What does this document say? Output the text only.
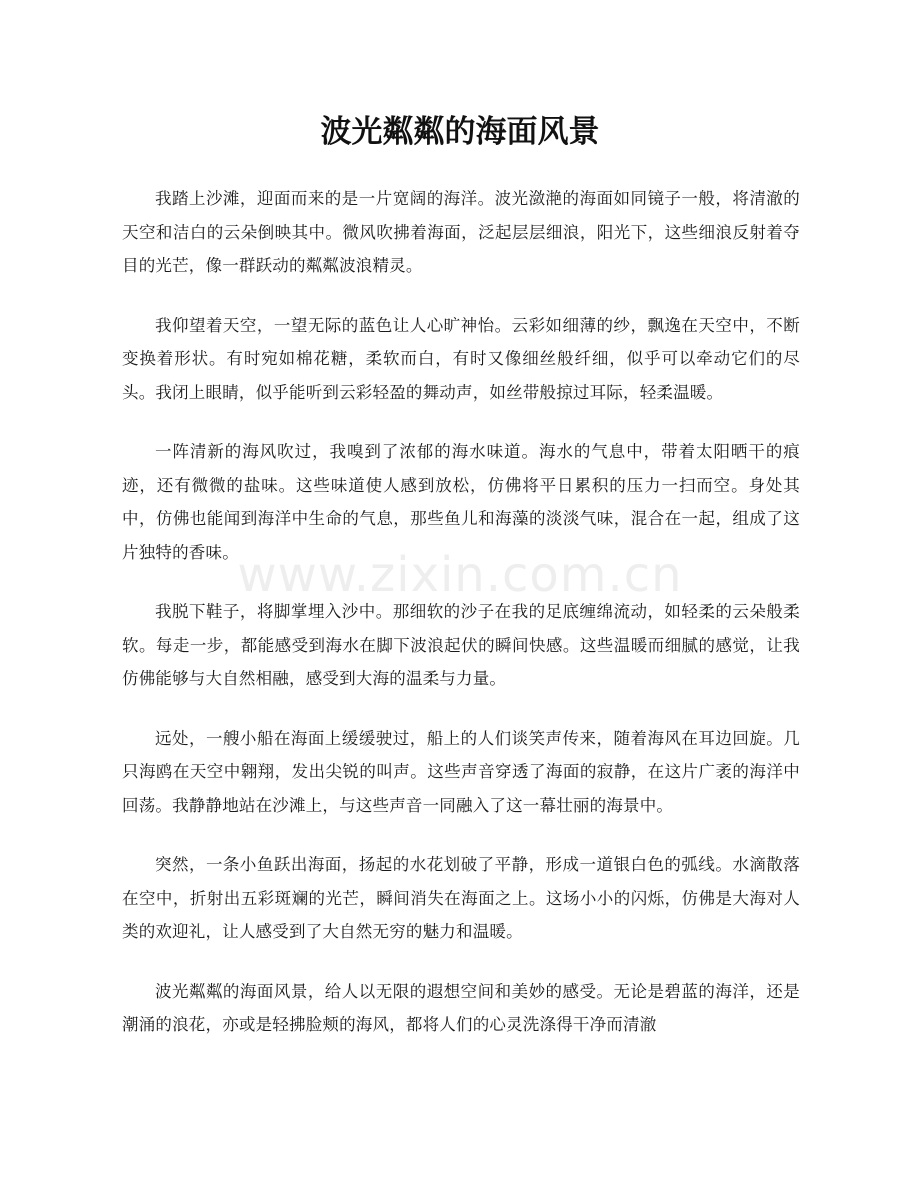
波光粼粼的海面风景

我踏上沙滩，迎面而来的是一片宽阔的海洋。波光潋滟的海面如同镜子一般，将清澈的天空和洁白的云朵倒映其中。微风吹拂着海面，泛起层层细浪，阳光下，这些细浪反射着夺目的光芒，像一群跃动的粼粼波浪精灵。

我仰望着天空，一望无际的蓝色让人心旷神怡。云彩如细薄的纱，飘逸在天空中，不断变换着形状。有时宛如棉花糖，柔软而白，有时又像细丝般纤细，似乎可以牵动它们的尽头。我闭上眼睛，似乎能听到云彩轻盈的舞动声，如丝带般掠过耳际，轻柔温暖。

一阵清新的海风吹过，我嗅到了浓郁的海水味道。海水的气息中，带着太阳晒干的痕迹，还有微微的盐味。这些味道使人感到放松，仿佛将平日累积的压力一扫而空。身处其中，仿佛也能闻到海洋中生命的气息，那些鱼儿和海藻的淡淡气味，混合在一起，组成了这片独特的香味。

我脱下鞋子，将脚掌埋入沙中。那细软的沙子在我的足底缠绵流动，如轻柔的云朵般柔软。每走一步，都能感受到海水在脚下波浪起伏的瞬间快感。这些温暖而细腻的感觉，让我仿佛能够与大自然相融，感受到大海的温柔与力量。

远处，一艘小船在海面上缓缓驶过，船上的人们谈笑声传来，随着海风在耳边回旋。几只海鸥在天空中翱翔，发出尖锐的叫声。这些声音穿透了海面的寂静，在这片广袤的海洋中回荡。我静静地站在沙滩上，与这些声音一同融入了这一幕壮丽的海景中。

突然，一条小鱼跃出海面，扬起的水花划破了平静，形成一道银白色的弧线。水滴散落在空中，折射出五彩斑斓的光芒，瞬间消失在海面之上。这场小小的闪烁，仿佛是大海对人类的欢迎礼，让人感受到了大自然无穷的魅力和温暖。

波光粼粼的海面风景，给人以无限的遐想空间和美妙的感受。无论是碧蓝的海洋，还是潮涌的浪花，亦或是轻拂脸颊的海风，都将人们的心灵洗涤得干净而清澈

www.zixin.com.cn
